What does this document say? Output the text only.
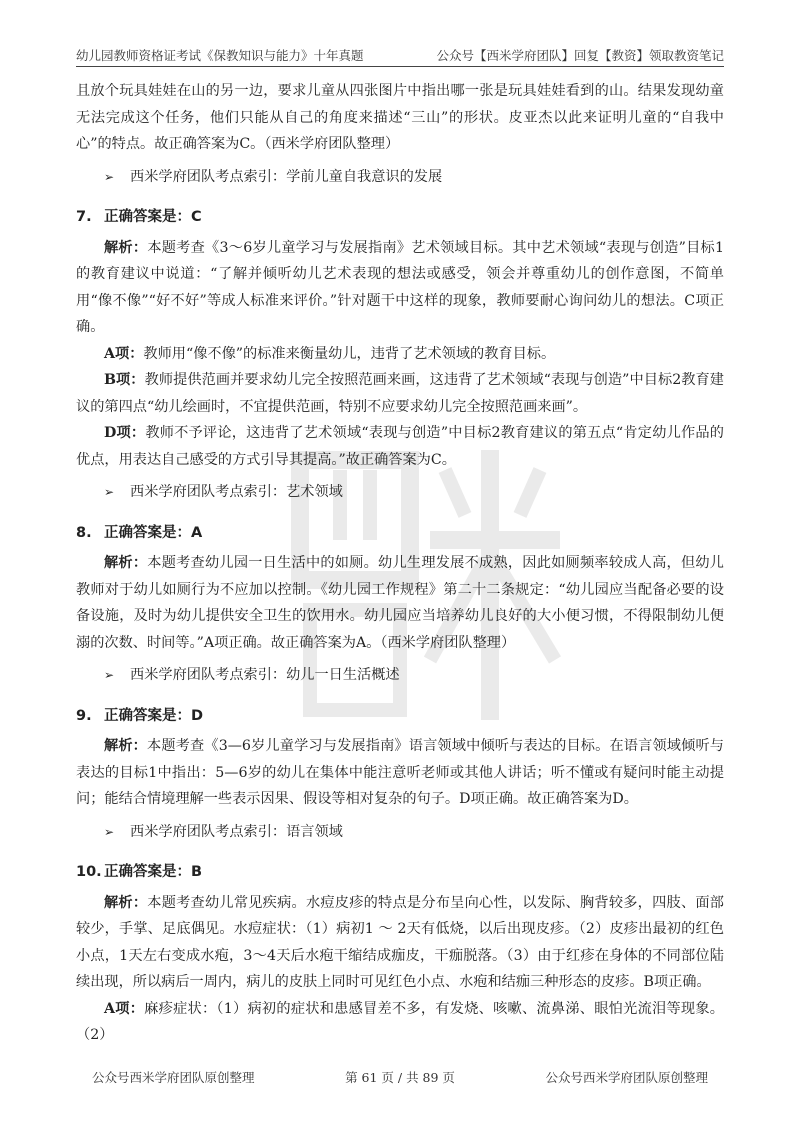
幼儿园教师资格证考试《保教知识与能力》十年真题	公众号【西米学府团队】回复【教资】领取教资笔记

且放个玩具娃娃在山的另一边，要求儿童从四张图片中指出哪一张是玩具娃娃看到的山。结果发现幼童无法完成这个任务，他们只能从自己的角度来描述“三山”的形状。皮亚杰以此来证明儿童的“自我中心”的特点。故正确答案为C。（西米学府团队整理）

➢ 西米学府团队考点索引：学前儿童自我意识的发展
7. 正确答案是：C

解析：本题考查《3～6岁儿童学习与发展指南》艺术领域目标。其中艺术领域“表现与创造”目标1的教育建议中说道：“了解并倾听幼儿艺术表现的想法或感受，领会并尊重幼儿的创作意图，不简单用“像不像”“好不好”等成人标准来评价。”针对题干中这样的现象，教师要耐心询问幼儿的想法。C项正确。

A项：教师用“像不像”的标准来衡量幼儿，违背了艺术领域的教育目标。

B项：教师提供范画并要求幼儿完全按照范画来画，这违背了艺术领域“表现与创造”中目标2教育建议的第四点“幼儿绘画时，不宜提供范画，特别不应要求幼儿完全按照范画来画”。

D项：教师不予评论，这违背了艺术领域“表现与创造”中目标2教育建议的第五点“肯定幼儿作品的优点，用表达自己感受的方式引导其提高。”故正确答案为C。

➢ 西米学府团队考点索引：艺术领域
8. 正确答案是：A

解析：本题考查幼儿园一日生活中的如厕。幼儿生理发展不成熟，因此如厕频率较成人高，但幼儿教师对于幼儿如厕行为不应加以控制。《幼儿园工作规程》第二十二条规定：“幼儿园应当配备必要的设备设施，及时为幼儿提供安全卫生的饮用水。幼儿园应当培养幼儿良好的大小便习惯，不得限制幼儿便溺的次数、时间等。”A项正确。故正确答案为A。（西米学府团队整理）

➢ 西米学府团队考点索引：幼儿一日生活概述
9. 正确答案是：D

解析：本题考查《3—6岁儿童学习与发展指南》语言领域中倾听与表达的目标。在语言领域倾听与表达的目标1中指出：5—6岁的幼儿在集体中能注意听老师或其他人讲话；听不懂或有疑问时能主动提问；能结合情境理解一些表示因果、假设等相对复杂的句子。D项正确。故正确答案为D。

➢ 西米学府团队考点索引：语言领域
10. 正确答案是：B

解析：本题考查幼儿常见疾病。水痘皮疹的特点是分布呈向心性，以发际、胸背较多，四肢、面部较少，手掌、足底偶见。水痘症状：（1）病初1 ～ 2天有低烧，以后出现皮疹。（2）皮疹出最初的红色小点，1天左右变成水疱，3～4天后水疱干缩结成痂皮，干痂脱落。（3）由于红疹在身体的不同部位陆续出现，所以病后一周内，病儿的皮肤上同时可见红色小点、水疱和结痂三种形态的皮疹。B项正确。

A项：麻疹症状：（1）病初的症状和患感冒差不多，有发烧、咳嗽、流鼻涕、眼怕光流泪等现象。（2）

公众号西米学府团队原创整理	第 61 页 / 共 89 页	公众号西米学府团队原创整理
